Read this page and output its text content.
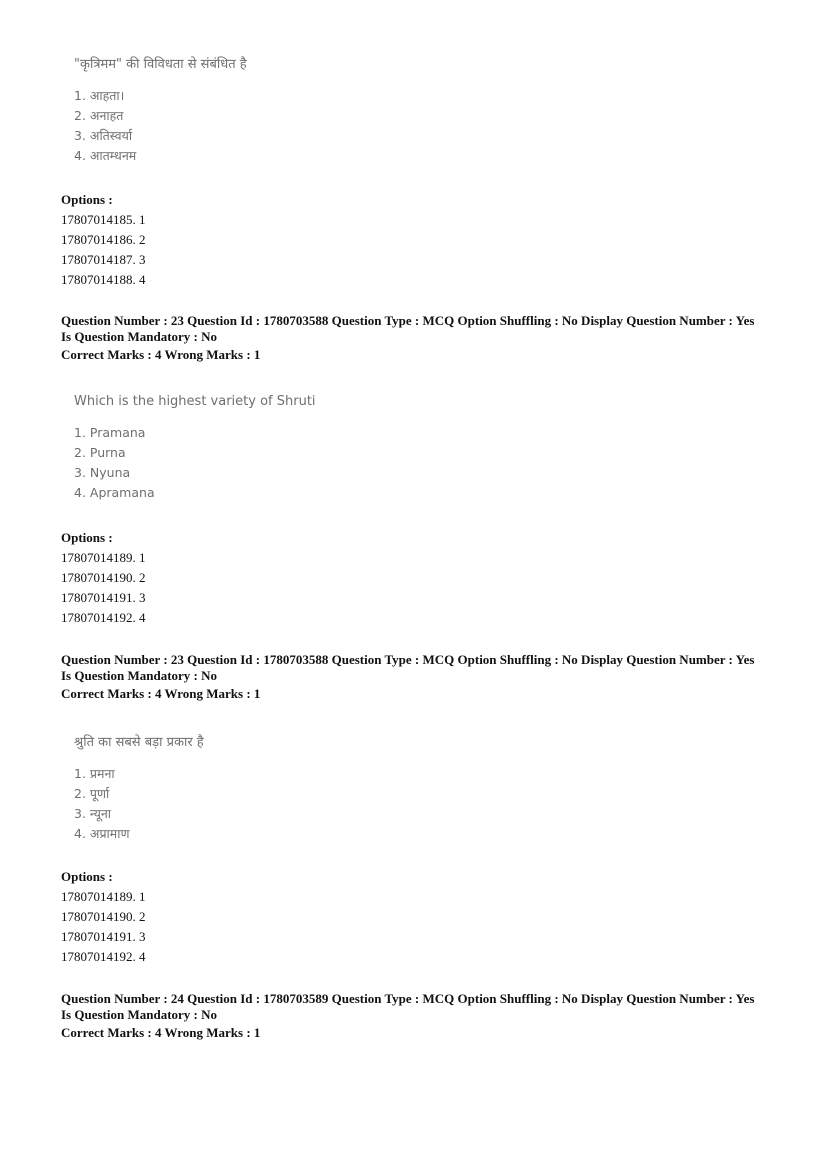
"कृत्रिमम" की विविधता से संबंधित है
1. आहता।
2. अनाहत
3. अतिस्वर्या
4. आतम्धनम
Options :
17807014185. 1
17807014186. 2
17807014187. 3
17807014188. 4
Question Number : 23 Question Id : 1780703588 Question Type : MCQ Option Shuffling : No Display Question Number : Yes
Is Question Mandatory : No
Correct Marks : 4 Wrong Marks : 1
Which is the highest variety of Shruti
1. Pramana
2. Purna
3. Nyuna
4. Apramana
Options :
17807014189. 1
17807014190. 2
17807014191. 3
17807014192. 4
Question Number : 23 Question Id : 1780703588 Question Type : MCQ Option Shuffling : No Display Question Number : Yes
Is Question Mandatory : No
Correct Marks : 4 Wrong Marks : 1
श्रुति का सबसे बड़ा प्रकार है
1. प्रमना
2. पूर्णा
3. न्यूना
4. अप्रामाण
Options :
17807014189. 1
17807014190. 2
17807014191. 3
17807014192. 4
Question Number : 24 Question Id : 1780703589 Question Type : MCQ Option Shuffling : No Display Question Number : Yes
Is Question Mandatory : No
Correct Marks : 4 Wrong Marks : 1
